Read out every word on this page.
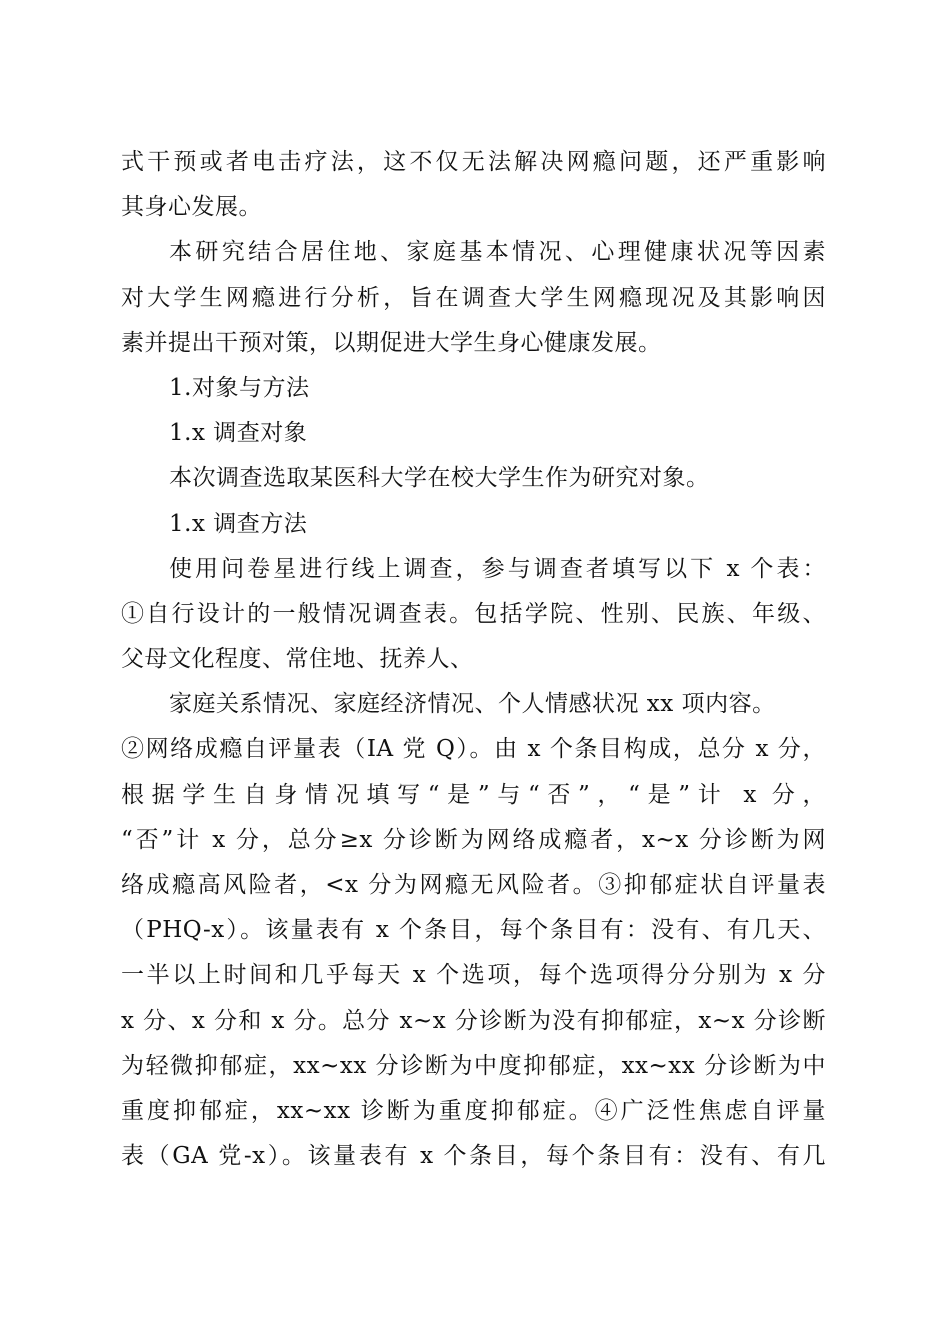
式干预或者电击疗法，这不仅无法解决网瘾问题，还严重影响
其身心发展。
本研究结合居住地、家庭基本情况、心理健康状况等因素
对大学生网瘾进行分析，旨在调查大学生网瘾现况及其影响因
素并提出干预对策，以期促进大学生身心健康发展。
1.对象与方法
1.x 调查对象
本次调查选取某医科大学在校大学生作为研究对象。
1.x 调查方法
使用问卷星进行线上调查，参与调查者填写以下 x 个表：
①自行设计的一般情况调查表。包括学院、性别、民族、年级、
父母文化程度、常住地、抚养人、
家庭关系情况、家庭经济情况、个人情感状况 xx 项内容。
②网络成瘾自评量表（IA 党 Q）。由 x 个条目构成，总分 x 分，
根据学生自身情况填写“是”与“否”，“是”计 x 分，
“否”计 x 分，总分≥x 分诊断为网络成瘾者，x~x 分诊断为网
络成瘾高风险者，<x 分为网瘾无风险者。③抑郁症状自评量表
（PHQ-x）。该量表有 x 个条目，每个条目有：没有、有几天、
一半以上时间和几乎每天 x 个选项，每个选项得分分别为 x 分
x 分、x 分和 x 分。总分 x~x 分诊断为没有抑郁症，x~x 分诊断
为轻微抑郁症，xx~xx 分诊断为中度抑郁症，xx~xx 分诊断为中
重度抑郁症，xx~xx 诊断为重度抑郁症。④广泛性焦虑自评量
表（GA 党-x）。该量表有 x 个条目，每个条目有：没有、有几
